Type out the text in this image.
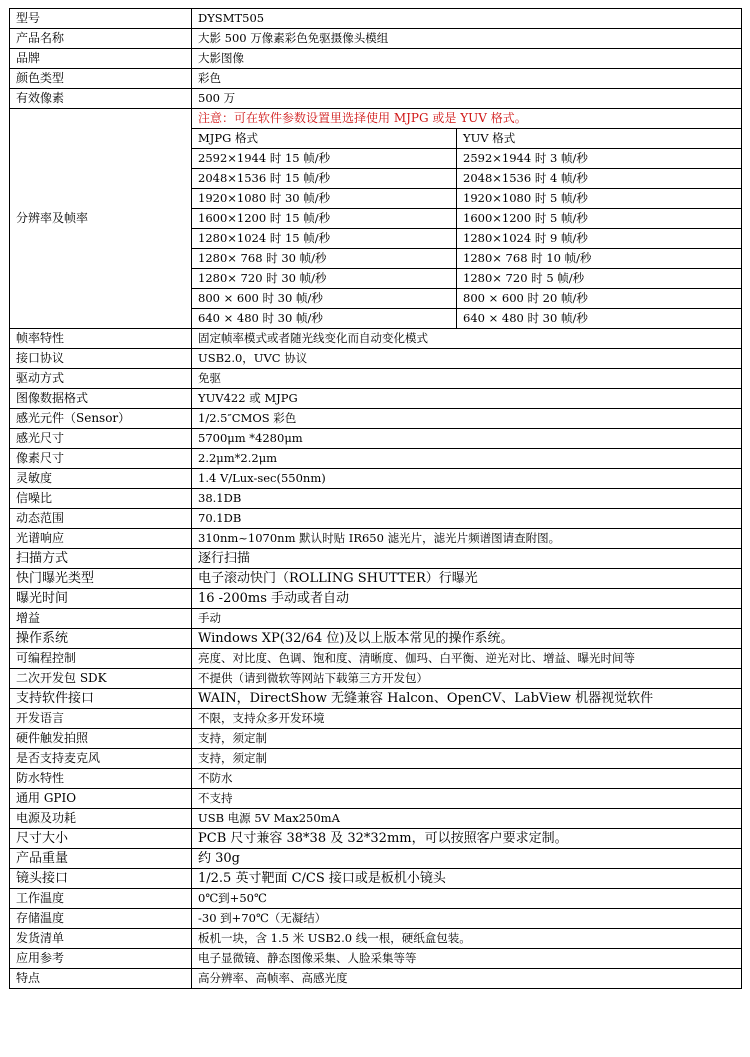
型号	DYSMT505	
产品名称	大影 500 万像素彩色免驱摄像头模组	
品牌	大影图像	
颜色类型	彩色	
有效像素	500 万	
分辨率及帧率	注意：可在软件参数设置里选择使用 MJPG 或是 YUV 格式。	
	MJPG 格式	YUV 格式
	2592×1944 时 15 帧/秒	2592×1944 时 3 帧/秒
	2048×1536 时 15 帧/秒	2048×1536 时 4 帧/秒
	1920×1080 时 30 帧/秒	1920×1080 时 5 帧/秒
	1600×1200 时 15 帧/秒	1600×1200 时 5 帧/秒
	1280×1024 时 15 帧/秒	1280×1024 时 9 帧/秒
	1280× 768 时 30 帧/秒	1280× 768 时 10 帧/秒
	1280× 720 时 30 帧/秒	1280× 720 时 5 帧/秒
	800 × 600 时 30 帧/秒	800 × 600 时 20 帧/秒
	640 × 480 时 30 帧/秒	640 × 480 时 30 帧/秒
帧率特性	固定帧率模式或者随光线变化而自动变化模式	
接口协议	USB2.0，UVC 协议	
驱动方式	免驱	
图像数据格式	YUV422 或 MJPG	
感光元件（Sensor）	1/2.5″CMOS 彩色	
感光尺寸	5700μm *4280μm	
像素尺寸	2.2μm*2.2μm	
灵敏度	1.4 V/Lux-sec(550nm)	
信噪比	38.1DB	
动态范围	70.1DB	
光谱响应	310nm~1070nm 默认时贴 IR650 滤光片，滤光片频谱图请查附图。	
扫描方式	逐行扫描	
快门曝光类型	电子滚动快门（ROLLING SHUTTER）行曝光	
曝光时间	16 -200ms 手动或者自动	
增益	手动	
操作系统	Windows XP(32/64 位)及以上版本常见的操作系统。	
可编程控制	亮度、对比度、色调、饱和度、清晰度、伽玛、白平衡、逆光对比、增益、曝光时间等	
二次开发包 SDK	不提供（请到微软等网站下载第三方开发包）	
支持软件接口	WAIN，DirectShow 无缝兼容 Halcon、OpenCV、LabView 机器视觉软件	
开发语言	不限，支持众多开发环境	
硬件触发拍照	支持，须定制	
是否支持麦克风	支持，须定制	
防水特性	不防水	
通用 GPIO	不支持	
电源及功耗	USB 电源 5V Max250mA	
尺寸大小	PCB 尺寸兼容 38*38 及 32*32mm，可以按照客户要求定制。	
产品重量	约 30g	
镜头接口	1/2.5 英寸靶面 C/CS 接口或是板机小镜头	
工作温度	0℃到+50℃	
存储温度	-30 到+70℃（无凝结）	
发货清单	板机一块，含 1.5 米 USB2.0 线一根，硬纸盒包装。	
应用参考	电子显微镜、静态图像采集、人脸采集等等	
特点	高分辨率、高帧率、高感光度	
